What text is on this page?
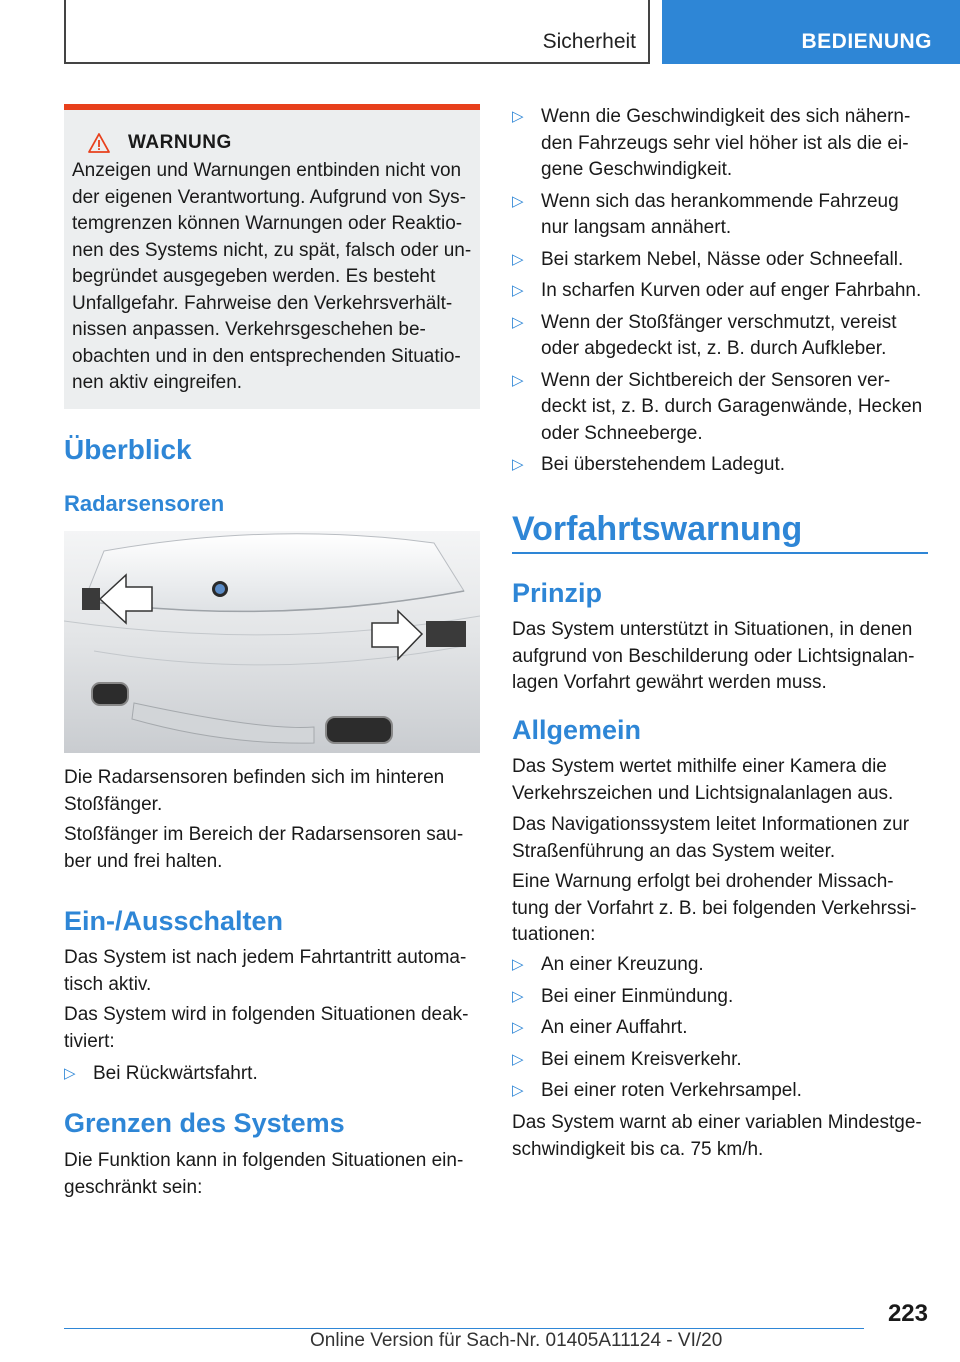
Sicherheit	BEDIENUNG
WARNUNG
Anzeigen und Warnungen entbinden nicht von
der eigenen Verantwortung. Aufgrund von Sys-
temgrenzen können Warnungen oder Reaktio-
nen des Systems nicht, zu spät, falsch oder un-
begründet ausgegeben werden. Es besteht
Unfallgefahr. Fahrweise den Verkehrsverhält-
nissen anpassen. Verkehrsgeschehen be-
obachten und in den entsprechenden Situatio-
nen aktiv eingreifen.
Überblick
Radarsensoren
Die Radarsensoren befinden sich im hinteren
Stoßfänger.
Stoßfänger im Bereich der Radarsensoren sau-
ber und frei halten.
Ein-/Ausschalten
Das System ist nach jedem Fahrtantritt automa-
tisch aktiv.
Das System wird in folgenden Situationen deak-
tiviert:
▷ Bei Rückwärtsfahrt.
Grenzen des Systems
Die Funktion kann in folgenden Situationen ein-
geschränkt sein:
▷ Wenn die Geschwindigkeit des sich nähern-
den Fahrzeugs sehr viel höher ist als die ei-
gene Geschwindigkeit.
▷ Wenn sich das herankommende Fahrzeug
nur langsam annähert.
▷ Bei starkem Nebel, Nässe oder Schneefall.
▷ In scharfen Kurven oder auf enger Fahrbahn.
▷ Wenn der Stoßfänger verschmutzt, vereist
oder abgedeckt ist, z. B. durch Aufkleber.
▷ Wenn der Sichtbereich der Sensoren ver-
deckt ist, z. B. durch Garagenwände, Hecken
oder Schneeberge.
▷ Bei überstehendem Ladegut.
Vorfahrtswarnung
Prinzip
Das System unterstützt in Situationen, in denen
aufgrund von Beschilderung oder Lichtsignalan-
lagen Vorfahrt gewährt werden muss.
Allgemein
Das System wertet mithilfe einer Kamera die
Verkehrszeichen und Lichtsignalanlagen aus.
Das Navigationssystem leitet Informationen zur
Straßenführung an das System weiter.
Eine Warnung erfolgt bei drohender Missach-
tung der Vorfahrt z. B. bei folgenden Verkehrssi-
tuationen:
▷ An einer Kreuzung.
▷ Bei einer Einmündung.
▷ An einer Auffahrt.
▷ Bei einem Kreisverkehr.
▷ Bei einer roten Verkehrsampel.
Das System warnt ab einer variablen Mindestge-
schwindigkeit bis ca. 75 km/h.
223
Online Version für Sach-Nr. 01405A11124 - VI/20
